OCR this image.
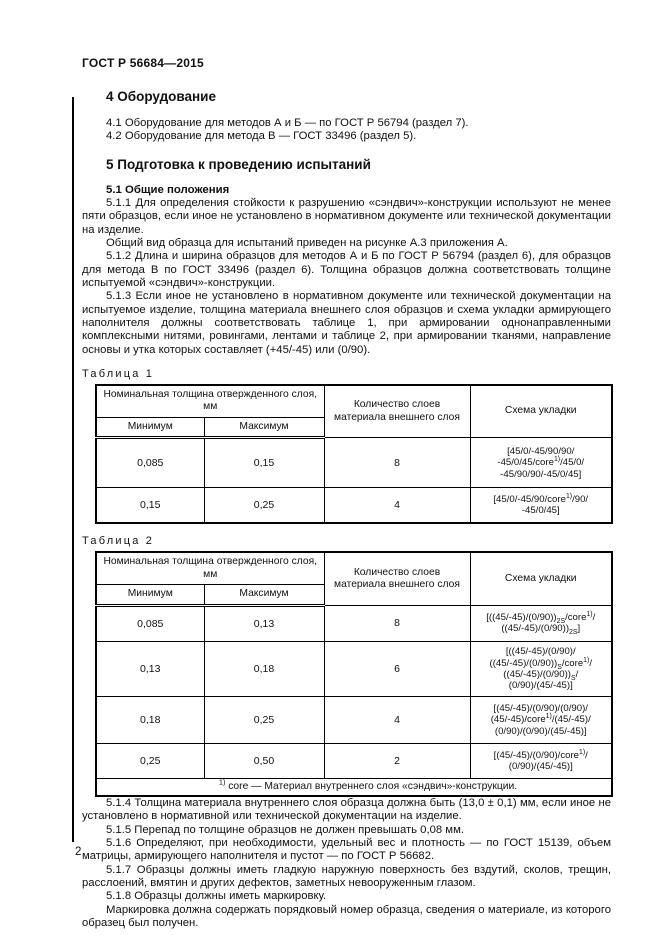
ГОСТ Р 56684—2015
4 Оборудование

4.1 Оборудование для методов А и Б — по ГОСТ Р 56794 (раздел 7).

4.2 Оборудование для метода В — ГОСТ 33496 (раздел 5).

5 Подготовка к проведению испытаний
5.1 Общие положения

5.1.1 Для определения стойкости к разрушению «сэндвич»-конструкции используют не менее пяти образцов, если иное не установлено в нормативном документе или технической документации на изделие.

Общий вид образца для испытаний приведен на рисунке А.3 приложения А.

5.1.2 Длина и ширина образцов для методов А и Б по ГОСТ Р 56794 (раздел 6), для образцов для метода В по ГОСТ 33496 (раздел 6). Толщина образцов должна соответствовать толщине испытуемой «сэндвич»-конструкции.

5.1.3 Если иное не установлено в нормативном документе или технической документации на испытуемое изделие, толщина материала внешнего слоя образцов и схема укладки армирующего наполнителя должны соответствовать таблице 1, при армировании однонаправленными комплексными нитями, ровингами, лентами и таблице 2, при армировании тканями, направление основы и утка которых составляет (+45/-45) или (0/90).

Таблица 1
Номинальная толщина отвержденного слоя, мм		Количество слоев материала внешнего слоя	Схема укладки
Минимум	Максимум		
0,085	0,15	8	[45/0/-45/90/90/
-45/0/45/core$^{1)}$/45/0/
-45/90/90/-45/0/45]
0,15	0,25	4	[45/0/-45/90/core$^{1)}$/90/
-45/0/45]
Таблица 2
Номинальная толщина отвержденного слоя, мм		Количество слоев материала внешнего слоя	Схема укладки
Минимум	Максимум		
0,085	0,13	8	[$((45/-45)/(0/90))_{2S}/core^{1)}/$
$((45/-45)/(0/90))_{2S}$]
0,13	0,18	6	[((45/-45)/(0/90)/
$((45/-45)/(0/90))_S/core^{1)}/$
$((45/-45)/(0/90))_S/$
(0/90)/(45/-45)]
0,18	0,25	4	[(45/-45)/(0/90)/(0/90)/
(45/-45)/core$^{1)}$/(45/-45)/
(0/90)/(0/90)/(45/-45)]
0,25	0,50	2	[(45/-45)/(0/90)/core$^{1)}$/
(0/90)/(45/-45)]
$^{1)}$ core — Материал внутреннего слоя «сэндвич»-конструкции.			

5.1.4 Толщина материала внутреннего слоя образца должна быть (13,0 ± 0,1) мм, если иное не установлено в нормативной или технической документации на изделие.

5.1.5 Перепад по толщине образцов не должен превышать 0,08 мм.

5.1.6 Определяют, при необходимости, удельный вес и плотность — по ГОСТ 15139, объем матрицы, армирующего наполнителя и пустот — по ГОСТ Р 56682.

5.1.7 Образцы должны иметь гладкую наружную поверхность без вздутий, сколов, трещин, расслоений, вмятин и других дефектов, заметных невооруженным глазом.

5.1.8 Образцы должны иметь маркировку.

Маркировка должна содержать порядковый номер образца, сведения о материале, из которого образец был получен.

2
